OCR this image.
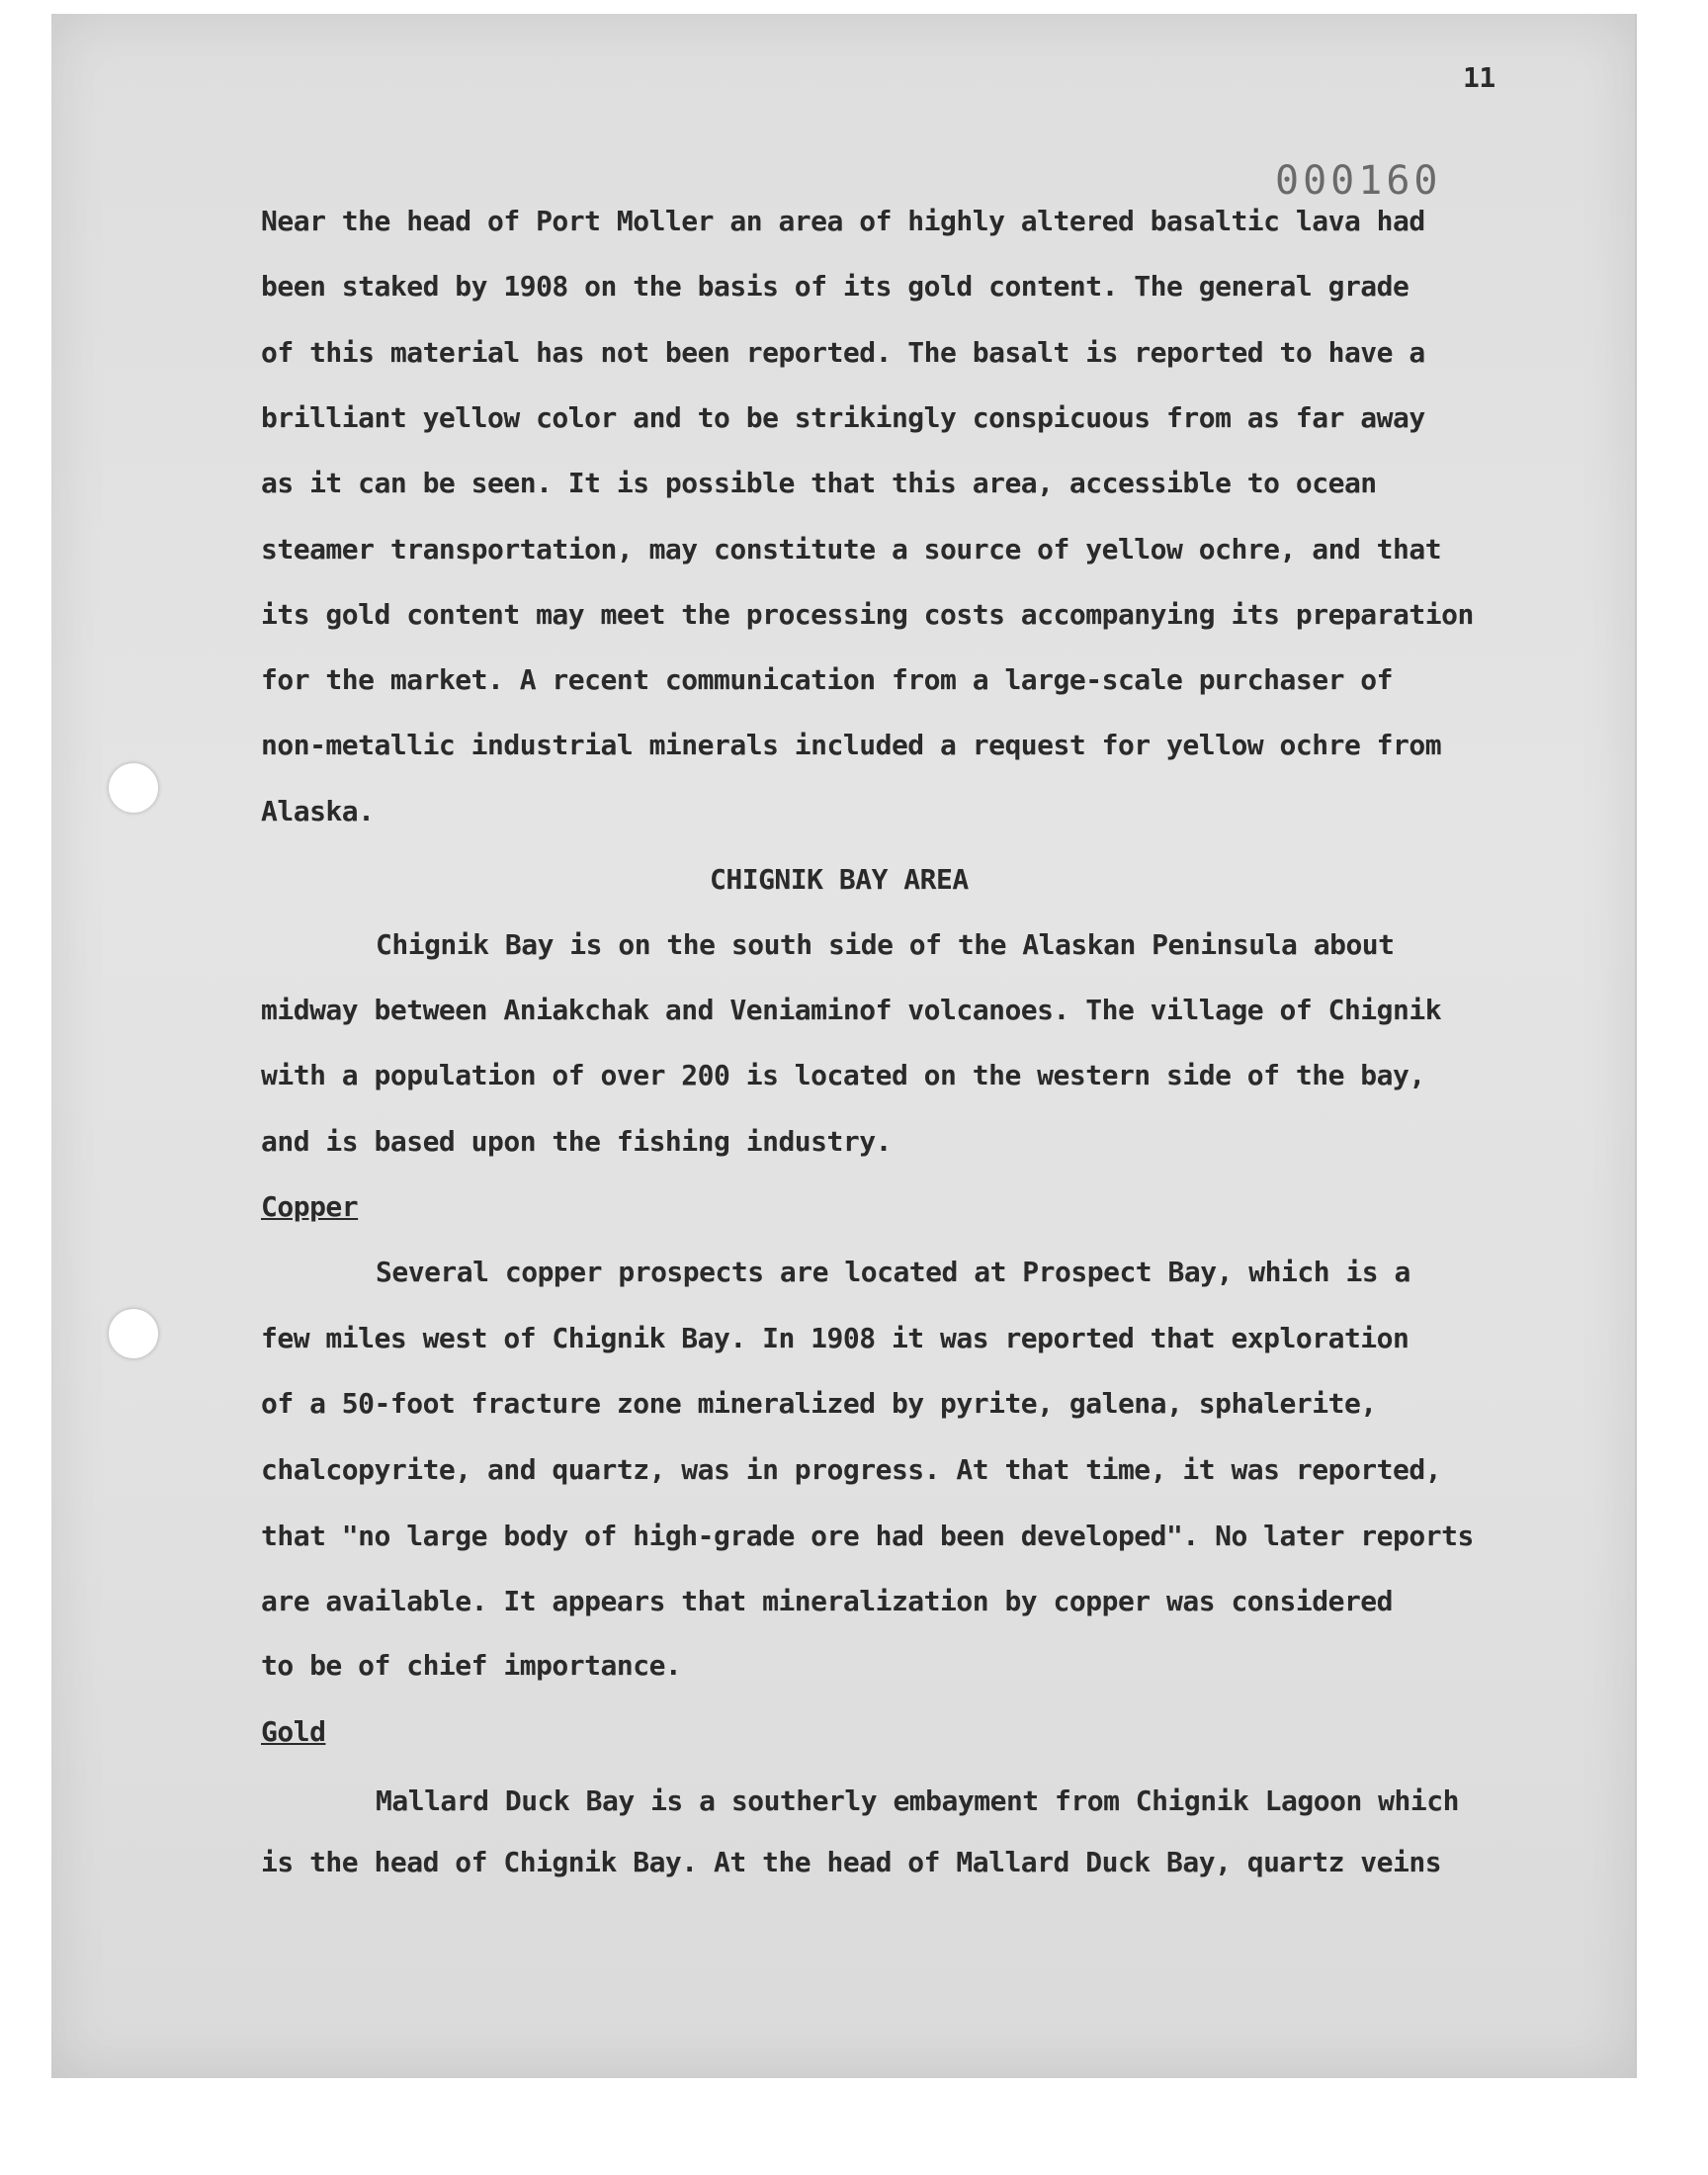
11

000160

Near the head of Port Moller an area of highly altered basaltic lava had

been staked by 1908 on the basis of its gold content. The general grade

of this material has not been reported. The basalt is reported to have a

brilliant yellow color and to be strikingly conspicuous from as far away

as it can be seen. It is possible that this area, accessible to ocean

steamer transportation, may constitute a source of yellow ochre, and that

its gold content may meet the processing costs accompanying its preparation

for the market. A recent communication from a large-scale purchaser of

non-metallic industrial minerals included a request for yellow ochre from

Alaska.

CHIGNIK BAY AREA

Chignik Bay is on the south side of the Alaskan Peninsula about

midway between Aniakchak and Veniaminof volcanoes. The village of Chignik

with a population of over 200 is located on the western side of the bay,

and is based upon the fishing industry.

Copper

Several copper prospects are located at Prospect Bay, which is a

few miles west of Chignik Bay. In 1908 it was reported that exploration

of a 50-foot fracture zone mineralized by pyrite, galena, sphalerite,

chalcopyrite, and quartz, was in progress. At that time, it was reported,

that "no large body of high-grade ore had been developed". No later reports

are available. It appears that mineralization by copper was considered

to be of chief importance.

Gold

Mallard Duck Bay is a southerly embayment from Chignik Lagoon which

is the head of Chignik Bay. At the head of Mallard Duck Bay, quartz veins
